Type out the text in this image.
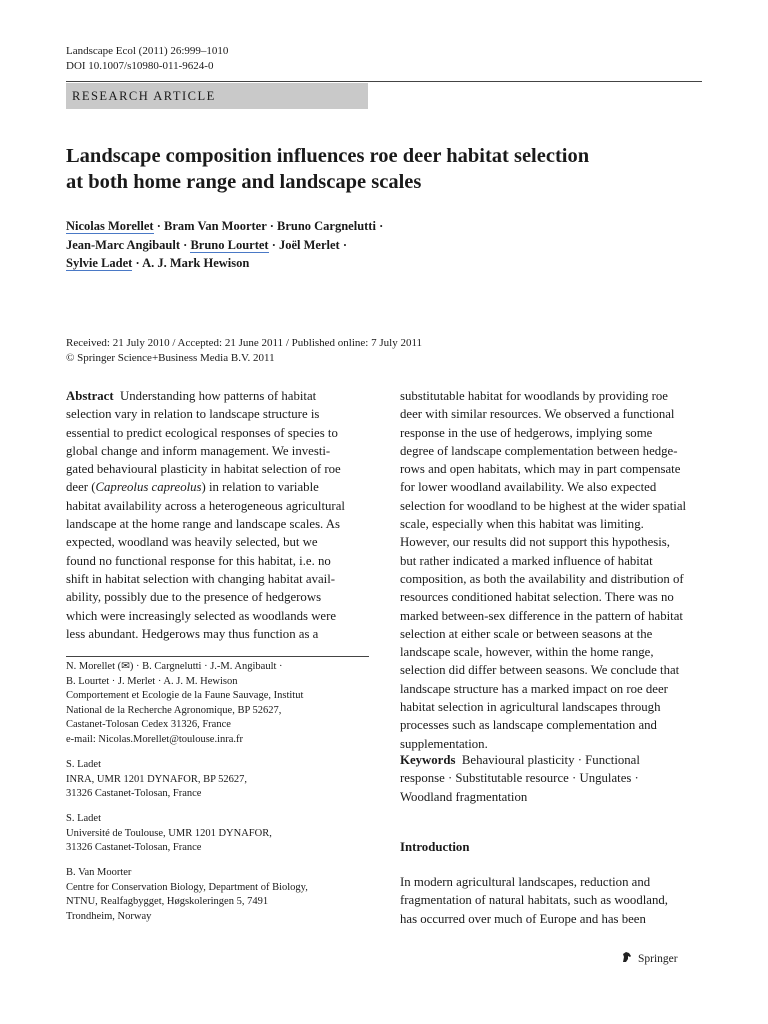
Landscape Ecol (2011) 26:999–1010
DOI 10.1007/s10980-011-9624-0
RESEARCH ARTICLE
Landscape composition influences roe deer habitat selection
at both home range and landscape scales
Nicolas Morellet · Bram Van Moorter · Bruno Cargnelutti ·
Jean-Marc Angibault · Bruno Lourtet · Joël Merlet ·
Sylvie Ladet · A. J. Mark Hewison
Received: 21 July 2010 / Accepted: 21 June 2011 / Published online: 7 July 2011
© Springer Science+Business Media B.V. 2011
Abstract Understanding how patterns of habitat
selection vary in relation to landscape structure is
essential to predict ecological responses of species to
global change and inform management. We investi-
gated behavioural plasticity in habitat selection of roe
deer (Capreolus capreolus) in relation to variable
habitat availability across a heterogeneous agricultural
landscape at the home range and landscape scales. As
expected, woodland was heavily selected, but we
found no functional response for this habitat, i.e. no
shift in habitat selection with changing habitat avail-
ability, possibly due to the presence of hedgerows
which were increasingly selected as woodlands were
less abundant. Hedgerows may thus function as a
N. Morellet (✉) · B. Cargnelutti · J.-M. Angibault ·
B. Lourtet · J. Merlet · A. J. M. Hewison
Comportement et Ecologie de la Faune Sauvage, Institut
National de la Recherche Agronomique, BP 52627,
Castanet-Tolosan Cedex 31326, France
e-mail: Nicolas.Morellet@toulouse.inra.fr
S. Ladet
INRA, UMR 1201 DYNAFOR, BP 52627,
31326 Castanet-Tolosan, France
S. Ladet
Université de Toulouse, UMR 1201 DYNAFOR,
31326 Castanet-Tolosan, France
B. Van Moorter
Centre for Conservation Biology, Department of Biology,
NTNU, Realfagbygget, Høgskoleringen 5, 7491
Trondheim, Norway
substitutable habitat for woodlands by providing roe
deer with similar resources. We observed a functional
response in the use of hedgerows, implying some
degree of landscape complementation between hedge-
rows and open habitats, which may in part compensate
for lower woodland availability. We also expected
selection for woodland to be highest at the wider spatial
scale, especially when this habitat was limiting.
However, our results did not support this hypothesis,
but rather indicated a marked influence of habitat
composition, as both the availability and distribution of
resources conditioned habitat selection. There was no
marked between-sex difference in the pattern of habitat
selection at either scale or between seasons at the
landscape scale, however, within the home range,
selection did differ between seasons. We conclude that
landscape structure has a marked impact on roe deer
habitat selection in agricultural landscapes through
processes such as landscape complementation and
supplementation.
Keywords Behavioural plasticity · Functional
response · Substitutable resource · Ungulates ·
Woodland fragmentation
Introduction
In modern agricultural landscapes, reduction and
fragmentation of natural habitats, such as woodland,
has occurred over much of Europe and has been
Springer
